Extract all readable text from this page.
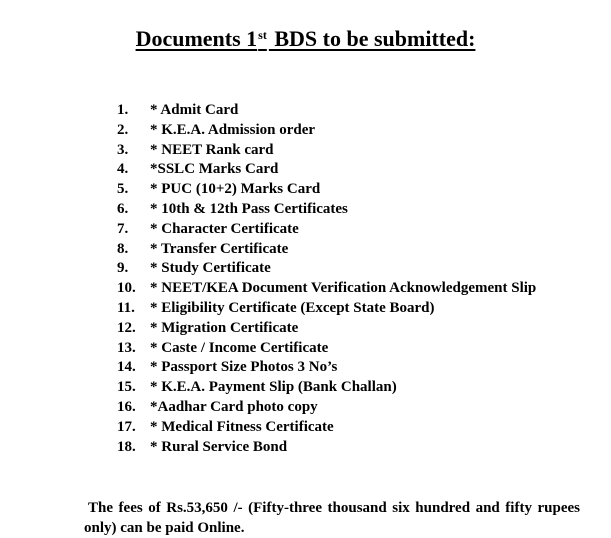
Documents 1st BDS to be submitted:
1.	* Admit Card
2.	* K.E.A. Admission order
3.	* NEET Rank card
4.	*SSLC Marks Card
5.	* PUC (10+2) Marks Card
6.	* 10th & 12th Pass Certificates
7.	* Character Certificate
8.	* Transfer Certificate
9.	* Study Certificate
10. * NEET/KEA Document Verification Acknowledgement Slip
11.	* Eligibility Certificate (Except State Board)
12. * Migration Certificate
13. * Caste / Income Certificate
14. * Passport Size Photos 3 No’s
15. * K.E.A. Payment Slip (Bank Challan)
16. *Aadhar Card photo copy
17. * Medical Fitness Certificate
18. * Rural Service Bond
The fees of Rs.53,650 /- (Fifty-three thousand six hundred and fifty rupees only) can be paid Online.
